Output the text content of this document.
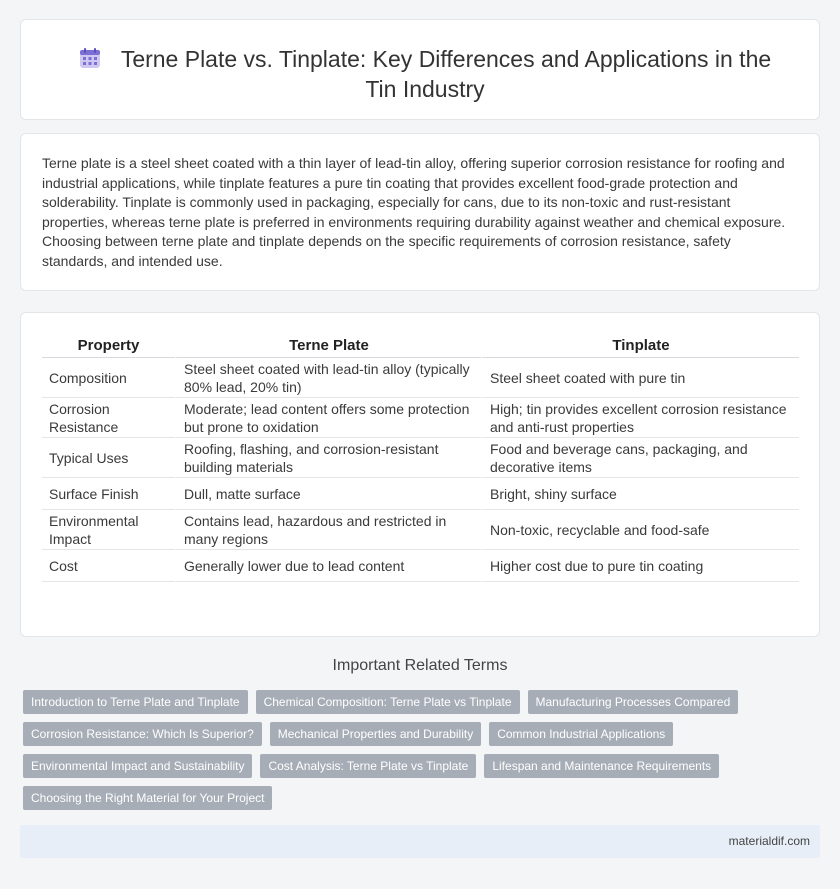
Terne Plate vs. Tinplate: Key Differences and Applications in the Tin Industry

Terne plate is a steel sheet coated with a thin layer of lead-tin alloy, offering superior corrosion resistance for roofing and industrial applications, while tinplate features a pure tin coating that provides excellent food-grade protection and solderability. Tinplate is commonly used in packaging, especially for cans, due to its non-toxic and rust-resistant properties, whereas terne plate is preferred in environments requiring durability against weather and chemical exposure. Choosing between terne plate and tinplate depends on the specific requirements of corrosion resistance, safety standards, and intended use.

Property	Terne Plate	Tinplate
Composition	Steel sheet coated with lead-tin alloy (typically 80% lead, 20% tin)	Steel sheet coated with pure tin
Corrosion Resistance	Moderate; lead content offers some protection but prone to oxidation	High; tin provides excellent corrosion resistance and anti-rust properties
Typical Uses	Roofing, flashing, and corrosion-resistant building materials	Food and beverage cans, packaging, and decorative items
Surface Finish	Dull, matte surface	Bright, shiny surface
Environmental Impact	Contains lead, hazardous and restricted in many regions	Non-toxic, recyclable and food-safe
Cost	Generally lower due to lead content	Higher cost due to pure tin coating
Important Related Terms
Introduction to Terne Plate and Tinplate	Chemical Composition: Terne Plate vs Tinplate	Manufacturing Processes Compared
Corrosion Resistance: Which Is Superior?	Mechanical Properties and Durability	Common Industrial Applications
Environmental Impact and Sustainability	Cost Analysis: Terne Plate vs Tinplate	Lifespan and Maintenance Requirements
Choosing the Right Material for Your Project
materialdif.com
